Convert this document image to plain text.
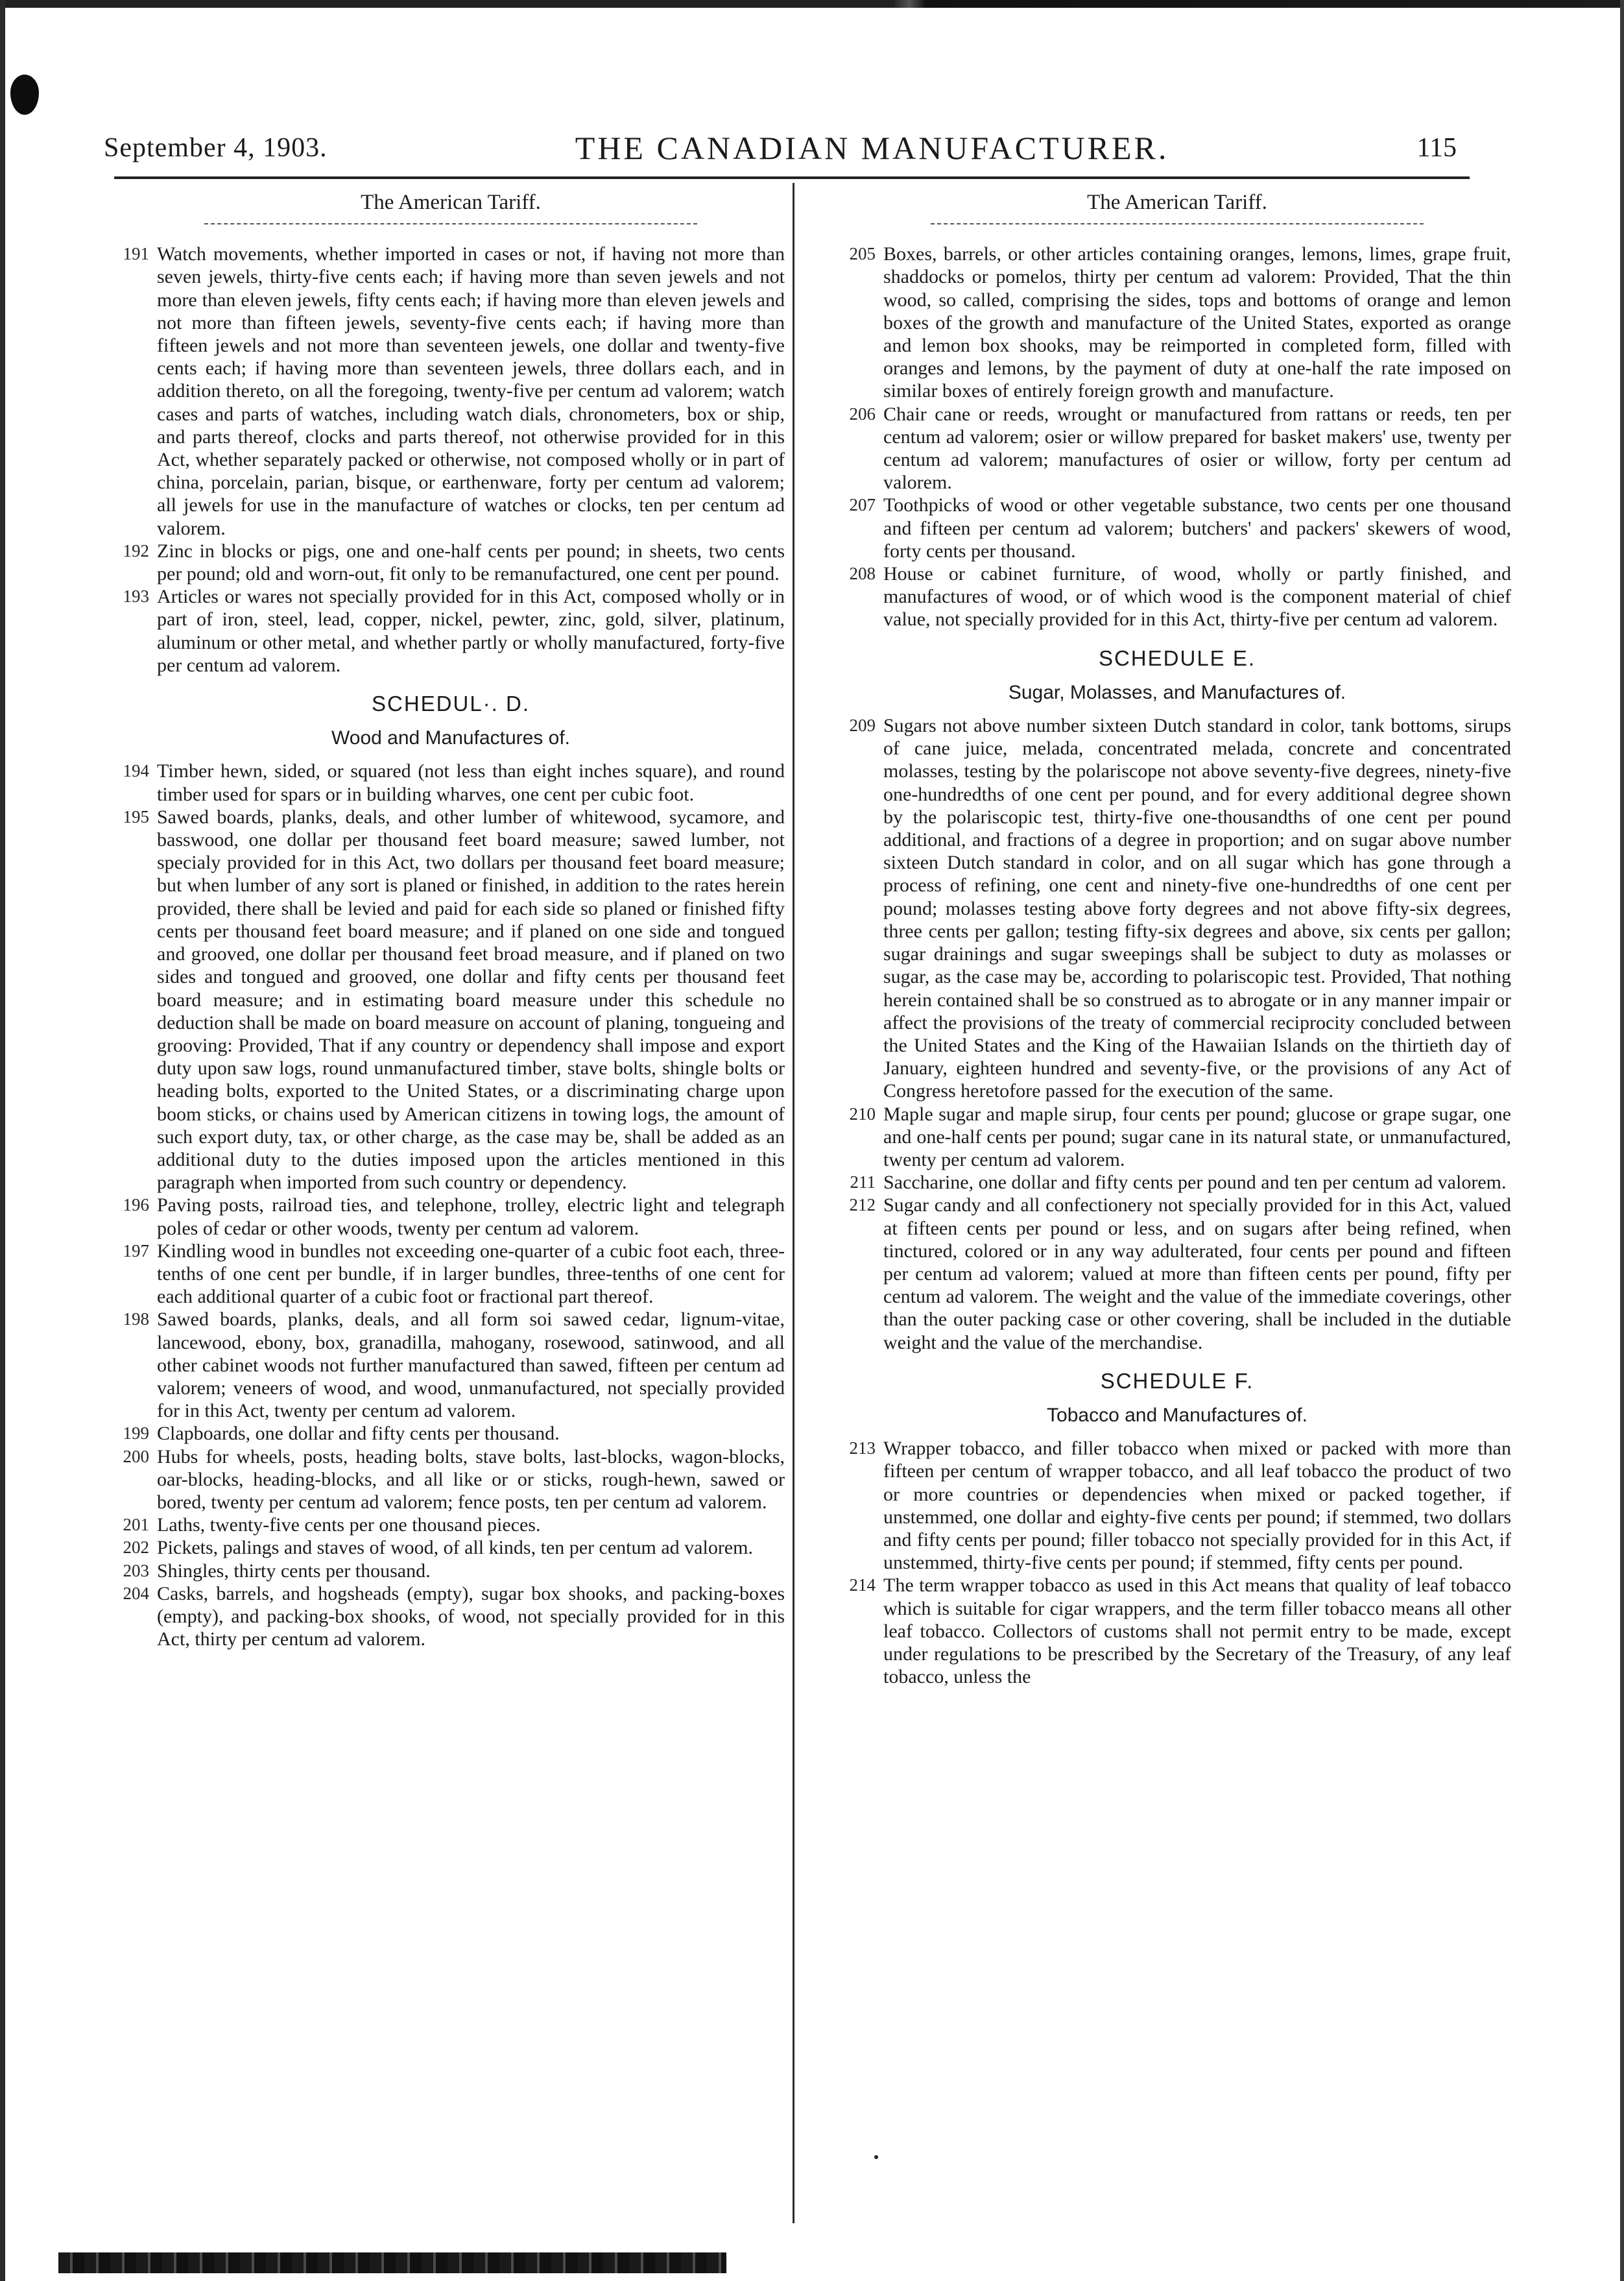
September 4, 1903.	THE CANADIAN MANUFACTURER.	115
The American Tariff.
191 Watch movements, whether imported in cases or not, if having not more than seven jewels, thirty-five cents each; if having more than seven jewels and not more than eleven jewels, fifty cents each; if having more than eleven jewels and not more than fifteen jewels, seventy-five cents each; if having more than fifteen jewels and not more than seventeen jewels, one dollar and twenty-five cents each; if having more than seventeen jewels, three dollars each, and in addition thereto, on all the foregoing, twenty-five per centum ad valorem; watch cases and parts of watches, including watch dials, chronometers, box or ship, and parts thereof, clocks and parts thereof, not otherwise provided for in this Act, whether separately packed or otherwise, not composed wholly or in part of china, porcelain, parian, bisque, or earthenware, forty per centum ad valorem; all jewels for use in the manufacture of watches or clocks, ten per centum ad valorem.
192 Zinc in blocks or pigs, one and one-half cents per pound; in sheets, two cents per pound; old and worn-out, fit only to be remanufactured, one cent per pound.
193 Articles or wares not specially provided for in this Act, composed wholly or in part of iron, steel, lead, copper, nickel, pewter, zinc, gold, silver, platinum, aluminum or other metal, and whether partly or wholly manufactured, forty-five per centum ad valorem.
SCHEDUL·. D.
Wood and Manufactures of.
194 Timber hewn, sided, or squared (not less than eight inches square), and round timber used for spars or in building wharves, one cent per cubic foot.
195 Sawed boards, planks, deals, and other lumber of whitewood, sycamore, and basswood, one dollar per thousand feet board measure; sawed lumber, not specialy provided for in this Act, two dollars per thousand feet board measure; but when lumber of any sort is planed or finished, in addition to the rates herein provided, there shall be levied and paid for each side so planed or finished fifty cents per thousand feet board measure; and if planed on one side and tongued and grooved, one dollar per thousand feet broad measure, and if planed on two sides and tongued and grooved, one dollar and fifty cents per thousand feet board measure; and in estimating board measure under this schedule no deduction shall be made on board measure on account of planing, tongueing and grooving: Provided, That if any country or dependency shall impose and export duty upon saw logs, round unmanufactured timber, stave bolts, shingle bolts or heading bolts, exported to the United States, or a discriminating charge upon boom sticks, or chains used by American citizens in towing logs, the amount of such export duty, tax, or other charge, as the case may be, shall be added as an additional duty to the duties imposed upon the articles mentioned in this paragraph when imported from such country or dependency.
196 Paving posts, railroad ties, and telephone, trolley, electric light and telegraph poles of cedar or other woods, twenty per centum ad valorem.
197 Kindling wood in bundles not exceeding one-quarter of a cubic foot each, three-tenths of one cent per bundle, if in larger bundles, three-tenths of one cent for each additional quarter of a cubic foot or fractional part thereof.
198 Sawed boards, planks, deals, and all form soi sawed cedar, lignum-vitae, lancewood, ebony, box, granadilla, mahogany, rosewood, satinwood, and all other cabinet woods not further manufactured than sawed, fifteen per centum ad valorem; veneers of wood, and wood, unmanufactured, not specially provided for in this Act, twenty per centum ad valorem.
199 Clapboards, one dollar and fifty cents per thousand.
200 Hubs for wheels, posts, heading bolts, stave bolts, last-blocks, wagon-blocks, oar-blocks, heading-blocks, and all like or or sticks, rough-hewn, sawed or bored, twenty per centum ad valorem; fence posts, ten per centum ad valorem.
201 Laths, twenty-five cents per one thousand pieces.
202 Pickets, palings and staves of wood, of all kinds, ten per centum ad valorem.
203 Shingles, thirty cents per thousand.
204 Casks, barrels, and hogsheads (empty), sugar box shooks, and packing-boxes (empty), and packing-box shooks, of wood, not specially provided for in this Act, thirty per centum ad valorem.
The American Tariff.
205 Boxes, barrels, or other articles containing oranges, lemons, limes, grape fruit, shaddocks or pomelos, thirty per centum ad valorem: Provided, That the thin wood, so called, comprising the sides, tops and bottoms of orange and lemon boxes of the growth and manufacture of the United States, exported as orange and lemon box shooks, may be reimported in completed form, filled with oranges and lemons, by the payment of duty at one-half the rate imposed on similar boxes of entirely foreign growth and manufacture.
206 Chair cane or reeds, wrought or manufactured from rattans or reeds, ten per centum ad valorem; osier or willow prepared for basket makers' use, twenty per centum ad valorem; manufactures of osier or willow, forty per centum ad valorem.
207 Toothpicks of wood or other vegetable substance, two cents per one thousand and fifteen per centum ad valorem; butchers' and packers' skewers of wood, forty cents per thousand.
208 House or cabinet furniture, of wood, wholly or partly finished, and manufactures of wood, or of which wood is the component material of chief value, not specially provided for in this Act, thirty-five per centum ad valorem.
SCHEDULE E.
Sugar, Molasses, and Manufactures of.
209 Sugars not above number sixteen Dutch standard in color, tank bottoms, sirups of cane juice, melada, concentrated melada, concrete and concentrated molasses, testing by the polariscope not above seventy-five degrees, ninety-five one-hundredths of one cent per pound, and for every additional degree shown by the polariscopic test, thirty-five one-thousandths of one cent per pound additional, and fractions of a degree in proportion; and on sugar above number sixteen Dutch standard in color, and on all sugar which has gone through a process of refining, one cent and ninety-five one-hundredths of one cent per pound; molasses testing above forty degrees and not above fifty-six degrees, three cents per gallon; testing fifty-six degrees and above, six cents per gallon; sugar drainings and sugar sweepings shall be subject to duty as molasses or sugar, as the case may be, according to polariscopic test. Provided, That nothing herein contained shall be so construed as to abrogate or in any manner impair or affect the provisions of the treaty of commercial reciprocity concluded between the United States and the King of the Hawaiian Islands on the thirtieth day of January, eighteen hundred and seventy-five, or the provisions of any Act of Congress heretofore passed for the execution of the same.
210 Maple sugar and maple sirup, four cents per pound; glucose or grape sugar, one and one-half cents per pound; sugar cane in its natural state, or unmanufactured, twenty per centum ad valorem.
211 Saccharine, one dollar and fifty cents per pound and ten per centum ad valorem.
212 Sugar candy and all confectionery not specially provided for in this Act, valued at fifteen cents per pound or less, and on sugars after being refined, when tinctured, colored or in any way adulterated, four cents per pound and fifteen per centum ad valorem; valued at more than fifteen cents per pound, fifty per centum ad valorem. The weight and the value of the immediate coverings, other than the outer packing case or other covering, shall be included in the dutiable weight and the value of the merchandise.
SCHEDULE F.
Tobacco and Manufactures of.
213 Wrapper tobacco, and filler tobacco when mixed or packed with more than fifteen per centum of wrapper tobacco, and all leaf tobacco the product of two or more countries or dependencies when mixed or packed together, if unstemmed, one dollar and eighty-five cents per pound; if stemmed, two dollars and fifty cents per pound; filler tobacco not specially provided for in this Act, if unstemmed, thirty-five cents per pound; if stemmed, fifty cents per pound.
214 The term wrapper tobacco as used in this Act means that quality of leaf tobacco which is suitable for cigar wrappers, and the term filler tobacco means all other leaf tobacco. Collectors of customs shall not permit entry to be made, except under regulations to be prescribed by the Secretary of the Treasury, of any leaf tobacco, unless the
